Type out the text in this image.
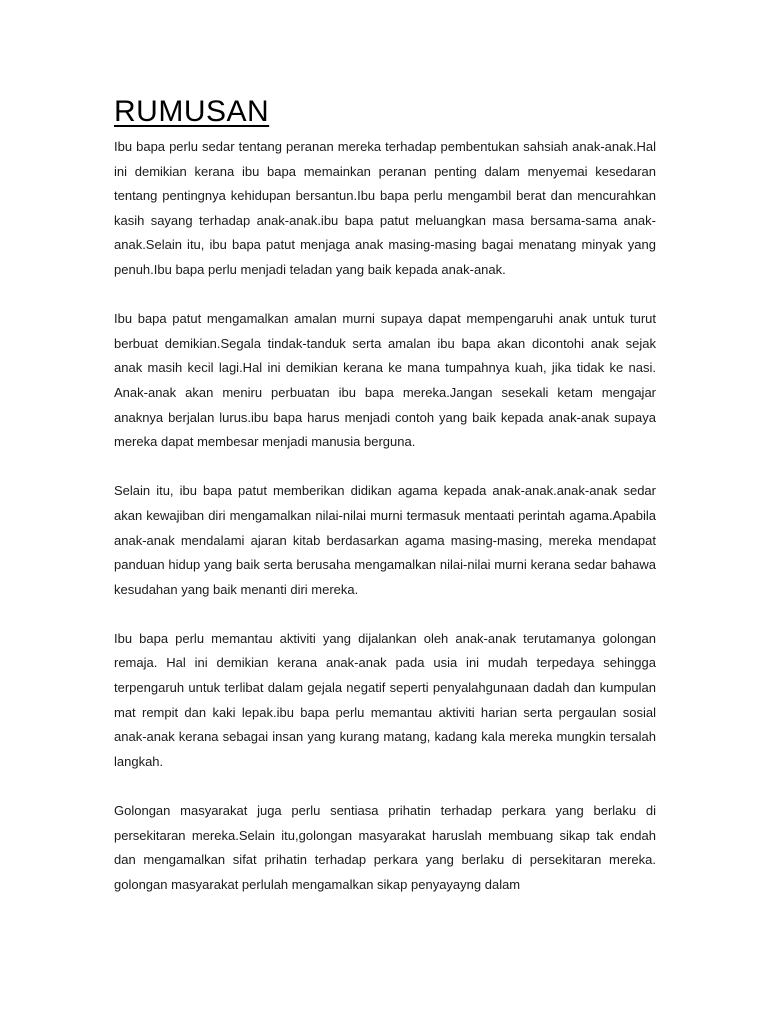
RUMUSAN

Ibu bapa perlu sedar tentang peranan mereka terhadap pembentukan sahsiah anak-anak.Hal ini demikian kerana ibu bapa memainkan peranan penting dalam menyemai kesedaran tentang pentingnya kehidupan bersantun.Ibu bapa perlu mengambil berat dan mencurahkan kasih sayang terhadap anak-anak.ibu bapa patut meluangkan masa bersama-sama anak-anak.Selain itu, ibu bapa patut menjaga anak masing-masing bagai menatang minyak yang penuh.Ibu bapa perlu menjadi teladan yang baik kepada anak-anak.

Ibu bapa patut mengamalkan amalan murni supaya dapat mempengaruhi anak untuk turut berbuat demikian.Segala tindak-tanduk serta amalan ibu bapa akan dicontohi anak sejak anak masih kecil lagi.Hal ini demikian kerana ke mana tumpahnya kuah, jika tidak ke nasi. Anak-anak akan meniru perbuatan ibu bapa mereka.Jangan sesekali ketam mengajar anaknya berjalan lurus.ibu bapa harus menjadi contoh yang baik kepada anak-anak supaya mereka dapat membesar menjadi manusia berguna.

Selain itu, ibu bapa patut memberikan didikan agama kepada anak-anak.anak-anak sedar akan kewajiban diri mengamalkan nilai-nilai murni termasuk mentaati perintah agama.Apabila anak-anak mendalami ajaran kitab berdasarkan agama masing-masing, mereka mendapat panduan hidup yang baik serta berusaha mengamalkan nilai-nilai murni kerana sedar bahawa kesudahan yang baik menanti diri mereka.

Ibu bapa perlu memantau aktiviti yang dijalankan oleh anak-anak terutamanya golongan remaja. Hal ini demikian kerana anak-anak pada usia ini mudah terpedaya sehingga terpengaruh untuk terlibat dalam gejala negatif seperti penyalahgunaan dadah dan kumpulan mat rempit dan kaki lepak.ibu bapa perlu memantau aktiviti harian serta pergaulan sosial anak-anak kerana sebagai insan yang kurang matang, kadang kala mereka mungkin tersalah langkah.

Golongan masyarakat juga perlu sentiasa prihatin terhadap perkara yang berlaku di persekitaran mereka.Selain itu,golongan masyarakat haruslah membuang sikap tak endah dan mengamalkan sifat prihatin terhadap perkara yang berlaku di persekitaran mereka. golongan masyarakat perlulah mengamalkan sikap penyayayng dalam
